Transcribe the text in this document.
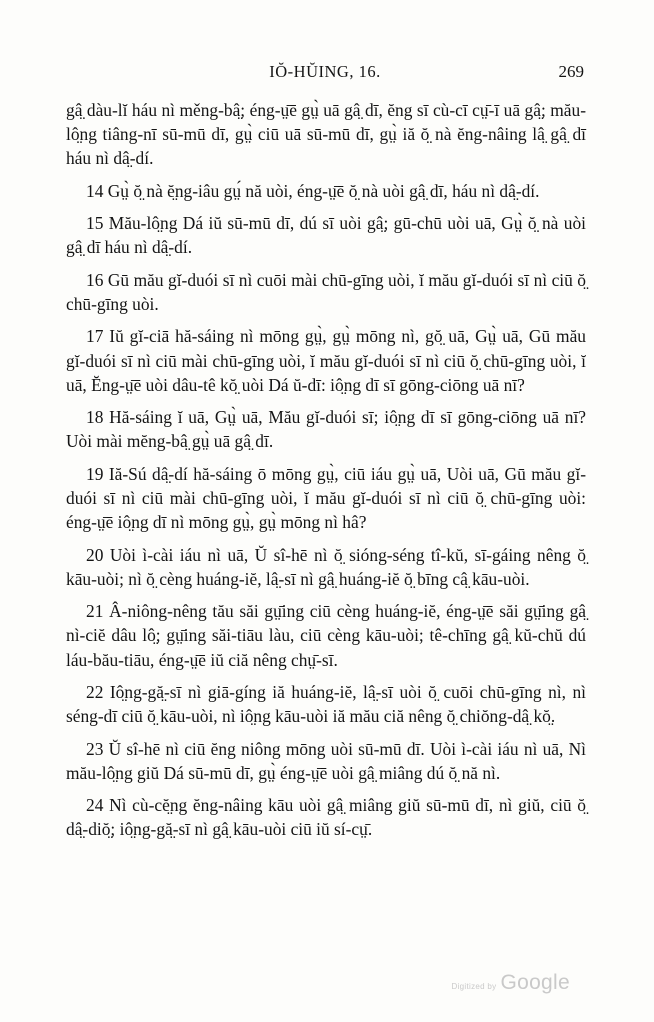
IŎ-HŬING, 16.	269

gâ̤ dàu-lĭ háu nì měng-bâ̤; éng-ṳ̄ē gṳ̀ uā gâ̤ dī, ĕng sī cù-cī cṳ̄-ī uā gâ̤; mău-lô̤ng tiâng-nī sū-mū dī, gṳ̀ ciū uā sū-mū dī, gṳ̀ iă ŏ̤ nà ĕng-nâing lâ̤ gâ̤ dī háu nì dâ̤-dí.

14 Gṳ̀ ŏ̤ nà ĕ̤ng-iâu gṳ́ nă uòi, éng-ṳ̄ē ŏ̤ nà uòi gâ̤ dī, háu nì dâ̤-dí.

15 Mău-lô̤ng Dá iŭ sū-mū dī, dú sī uòi gâ̤; gū-chū uòi uā, Gṳ̀ ŏ̤ nà uòi gâ̤ dī háu nì dâ̤-dí.

16 Gū mău gĭ-duói sī nì cuōi mài chū-gīng uòi, ĭ mău gĭ-duói sī nì ciū ŏ̤ chū-gīng uòi.

17 Iŭ gĭ-ciā hă-sáing nì mōng gṳ̀, gṳ̀ mōng nì, gŏ̤ uā, Gṳ̀ uā, Gū mău gĭ-duói sī nì ciū mài chū-gīng uòi, ĭ mău gĭ-duói sī nì ciū ŏ̤ chū-gīng uòi, ĭ uā, Ĕng-ṳ̄ē uòi dâu-tê kŏ̤ uòi Dá ŭ-dī: iô̤ng dī sī gōng-ciōng uā nī?

18 Hă-sáing ĭ uā, Gṳ̀ uā, Mău gĭ-duói sī; iô̤ng dī sī gōng-ciōng uā nī? Uòi mài mĕng-bâ̤ gṳ̀ uā gâ̤ dī.

19 Iă-Sú dâ̤-dí hă-sáing ō mōng gṳ̀, ciū iáu gṳ̀ uā, Uòi uā, Gū mău gĭ-duói sī nì ciū mài chū-gīng uòi, ĭ mău gĭ-duói sī nì ciū ŏ̤ chū-gīng uòi: éng-ṳ̄ē iô̤ng dī nì mōng gṳ̀, gṳ̀ mōng nì hâ?

20 Uòi ì-cài iáu nì uā, Ŭ sî-hē nì ŏ̤ sióng-séng tî-kŭ, sī-gáing nêng ŏ̤ kāu-uòi; nì ŏ̤ cèng huáng-iĕ, lâ̤-sī nì gâ̤ huáng-iĕ ŏ̤ bīng câ̤ kāu-uòi.

21 Â-niông-nêng tău săi gṳ̄ing ciū cèng huáng-iĕ, éng-ṳ̄ē săi gṳ̄ing gâ̤ nì-ciĕ dâu lô̤; gṳ̄ing săi-tiāu làu, ciū cèng kāu-uòi; tê-chīng gâ̤ kŭ-chŭ dú láu-bău-tiāu, éng-ṳ̄ē iŭ ciă nêng chṳ̄-sī.

22 Iô̤ng-gă̤-sī nì giā-gíng iă huáng-iĕ, lâ̤-sī uòi ŏ̤ cuōi chū-gīng nì, nì séng-dī ciū ŏ̤ kāu-uòi, nì iô̤ng kāu-uòi iă mău ciă nêng ŏ̤ chiŏng-dâ̤ kŏ̤.

23 Ŭ sî-hē nì ciū ĕng niông mōng uòi sū-mū dī. Uòi ì-cài iáu nì uā, Nì mău-lô̤ng giŭ Dá sū-mū dī, gṳ̀ éng-ṳ̄ē uòi gâ̤ miâng dú ŏ̤ nă nì.

24 Nì cù-cĕ̤ng ĕng-nâing kāu uòi gâ̤ miâng giŭ sū-mū dī, nì giŭ, ciū ŏ̤ dâ̤-diŏ̤; iô̤ng-gă̤-sī nì gâ̤ kāu-uòi ciū iŭ sí-cṳ̄.

Digitized by Google
